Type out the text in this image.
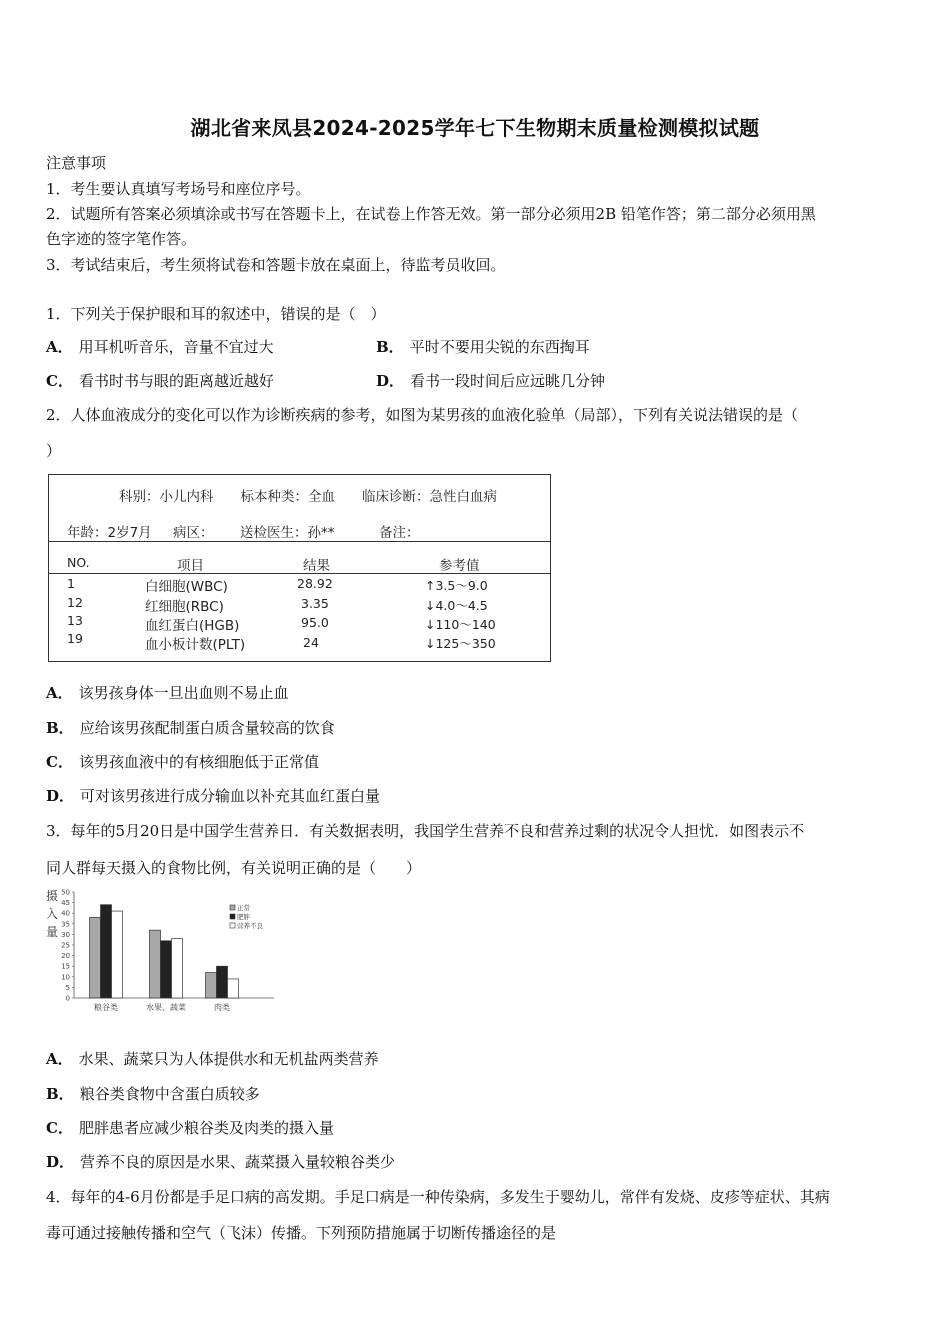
湖北省来凤县2024-2025学年七下生物期末质量检测模拟试题
注意事项
1．考生要认真填写考场号和座位序号。
2．试题所有答案必须填涂或书写在答题卡上，在试卷上作答无效。第一部分必须用2B 铅笔作答；第二部分必须用黑
色字迹的签字笔作答。
3．考试结束后，考生须将试卷和答题卡放在桌面上，待监考员收回。
1．下列关于保护眼和耳的叙述中，错误的是（　）
A． 用耳机听音乐，音量不宜过大	B． 平时不要用尖锐的东西掏耳
C． 看书时书与眼的距离越近越好	D． 看书一段时间后应远眺几分钟
2．人体血液成分的变化可以作为诊断疾病的参考，如图为某男孩的血液化验单（局部），下列有关说法错误的是（
）
科别：小儿内科　　标本种类：全血　　临床诊断：急性白血病
年龄：2岁7月 病区： 送检医生：孙**	备注：
NO.	项目	结果	参考值
1	白细胞(WBC)	28.92	↑3.5～9.0
12	红细胞(RBC)	3.35	↓4.0～4.5
13	血红蛋白(HGB)	95.0	↓110～140
19	血小板计数(PLT)	24	↓125～350
A． 该男孩身体一旦出血则不易止血
B． 应给该男孩配制蛋白质含量较高的饮食
C． 该男孩血液中的有核细胞低于正常值
D． 可对该男孩进行成分输血以补充其血红蛋白量
3．每年的5月20日是中国学生营养日．有关数据表明，我国学生营养不良和营养过剩的状况令人担忧．如图表示不
同人群每天摄入的食物比例，有关说明正确的是（　　）
摄
入
量
0
5
10
15
20
25
30
35
40
45
50
粮谷类	水果、蔬菜	肉类
正常
肥胖
营养不良
A． 水果、蔬菜只为人体提供水和无机盐两类营养
B． 粮谷类食物中含蛋白质较多
C． 肥胖患者应减少粮谷类及肉类的摄入量
D． 营养不良的原因是水果、蔬菜摄入量较粮谷类少
4．每年的4-6月份都是手足口病的高发期。手足口病是一种传染病，多发生于婴幼儿，常伴有发烧、皮疹等症状、其病
毒可通过接触传播和空气（飞沫）传播。下列预防措施属于切断传播途径的是
